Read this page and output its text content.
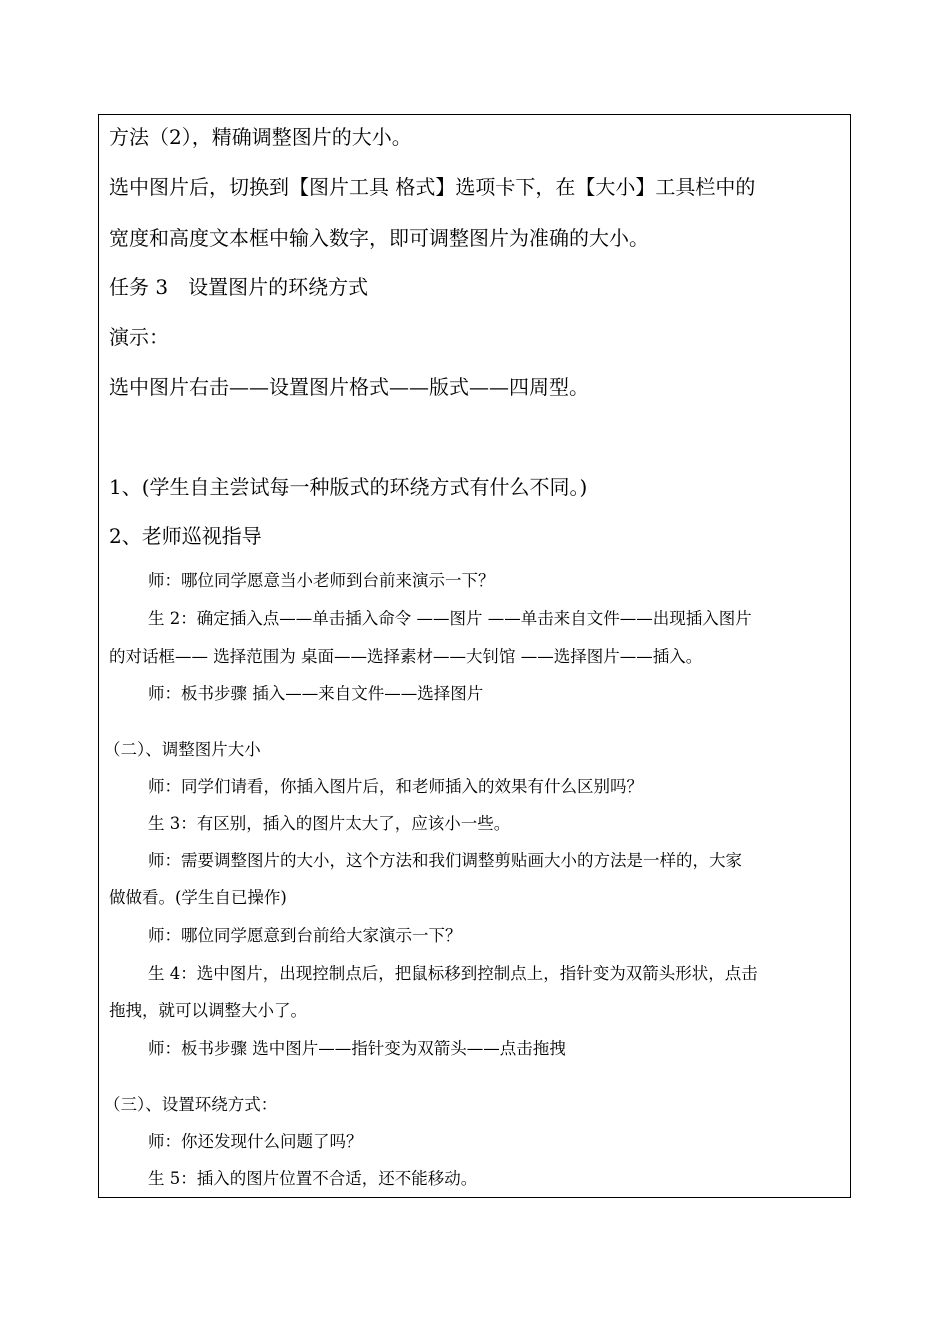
方法（2），精确调整图片的大小。
选中图片后，切换到【图片工具 格式】选项卡下，在【大小】工具栏中的
宽度和高度文本框中输入数字，即可调整图片为准确的大小。
任务 3 设置图片的环绕方式
演示：
选中图片右击——设置图片格式——版式——四周型。
1、(学生自主尝试每一种版式的环绕方式有什么不同。)
2、老师巡视指导
师：哪位同学愿意当小老师到台前来演示一下？
生 2：确定插入点——单击插入命令 ——图片 ——单击来自文件——出现插入图片
的对话框—— 选择范围为 桌面——选择素材——大钊馆 ——选择图片——插入。
师：板书步骤 插入——来自文件——选择图片
（二）、调整图片大小
师：同学们请看，你插入图片后，和老师插入的效果有什么区别吗？
生 3：有区别，插入的图片太大了，应该小一些。
师：需要调整图片的大小，这个方法和我们调整剪贴画大小的方法是一样的，大家
做做看。(学生自已操作)
师：哪位同学愿意到台前给大家演示一下？
生 4：选中图片，出现控制点后，把鼠标移到控制点上，指针变为双箭头形状，点击
拖拽，就可以调整大小了。
师：板书步骤 选中图片——指针变为双箭头——点击拖拽
（三）、设置环绕方式：
师：你还发现什么问题了吗？
生 5：插入的图片位置不合适，还不能移动。
